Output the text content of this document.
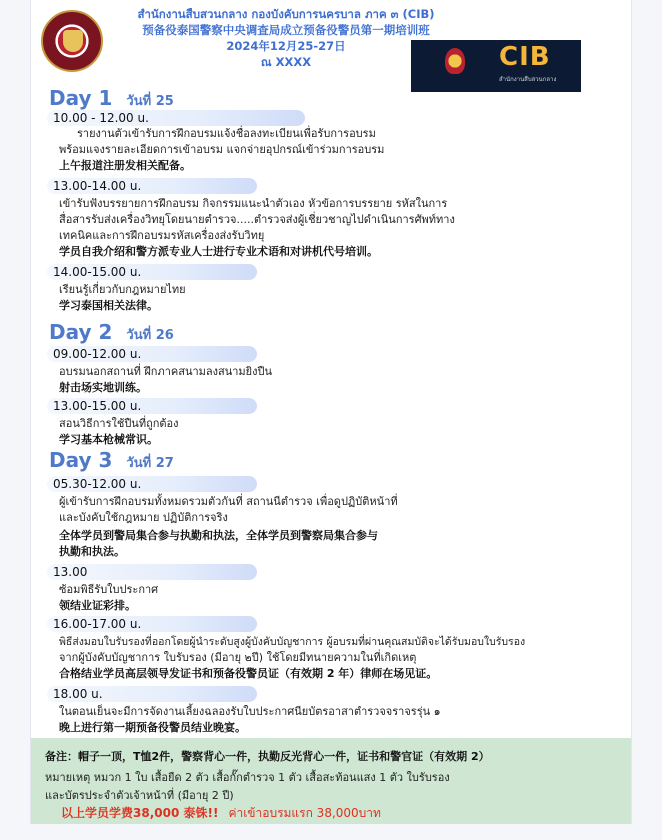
สำนักงานสืบสวนกลาง กองบังคับการนครบาล ภาค ๓ (CIB)
预备役泰国警察中央调查局成立预备役警员第一期培训班
2024年12月25-27日
ณ XXXX	CIB
สำนักงานสืบสวนกลาง
Day 1 วันที่ 25
10.00 - 12.00 u.
รายงานตัวเข้ารับการฝึกอบรมแจ้งชื่อลงทะเบียนเพื่อรับการอบรม
พร้อมแจงรายละเอียดการเข้าอบรม แจกจ่ายอุปกรณ์เข้าร่วมการอบรม
上午报道注册发相关配备。
13.00-14.00 u.
เข้ารับฟังบรรยายการฝึกอบรม กิจกรรมแนะนำตัวเอง หัวข้อการบรรยาย รหัสในการ
สื่อสารรับส่งเครื่องวิทยุโดยนายตำรวจ.....ตำรวจส่งผู้เชี่ยวชาญไปดำเนินการศัพท์ทาง
เทคนิคและการฝึกอบรมรหัสเครื่องส่งรับวิทยุ
学员自我介绍和警方派专业人士进行专业术语和对讲机代号培训。
14.00-15.00 u.
เรียนรู้เกี่ยวกับกฎหมายไทย
学习泰国相关法律。
Day 2 วันที่ 26
09.00-12.00 u.
อบรมนอกสถานที่ ฝึกภาคสนามลงสนามยิงปืน
射击场实地训练。
13.00-15.00 u.
สอนวิธีการใช้ปืนที่ถูกต้อง
学习基本枪械常识。
Day 3 วันที่ 27
05.30-12.00 u.
ผู้เข้ารับการฝึกอบรมทั้งหมดรวมตัวกันที่ สถานนีตำรวจ เพื่อดูปฏิบัติหน้าที่
และบังคับใช้กฎหมาย ปฏิบัติการจริง
全体学员到警局集合参与执勤和执法，全体学员到警察局集合参与
执勤和执法。
13.00
ซ้อมพิธีรับใบประกาศ
领结业证彩排。
16.00-17.00 u.
พิธีส่งมอบใบรับรองที่ออกโดยผู้นำระดับสูงผู้บังคับบัญชาการ ผู้อบรมที่ผ่านคุณสมบัติจะได้รับมอบใบรับรอง
จากผู้บังคับบัญชาการ ใบรับรอง (มีอายุ ๒ปี) ใช้โดยมีทนายความในที่เกิดเหตุ
合格结业学员高层领导发证书和预备役警员证（有效期 2 年）律师在场见证。
18.00 u.
ในตอนเย็นจะมีการจัดงานเลี้ยงฉลองรับใบประกาศนียบัตรอาสาตำรวจจราจรรุ่น ๑
晚上进行第一期预备役警员结业晚宴。
备注：帽子一顶，T恤2件，警察背心一件，执勤反光背心一件，证书和警官证（有效期 2）
หมายเหตุ หมวก 1 ใบ เสื้อยืด 2 ตัว เสื้อกั๊กตำรวจ 1 ตัว เสื้อสะท้อนแสง 1 ตัว ใบรับรอง
และบัตรประจำตัวเจ้าหน้าที่ (มีอายุ 2 ปี)
以上学员学费38,000 泰铢!! ค่าเข้าอบรมแรก 38,000บาท
